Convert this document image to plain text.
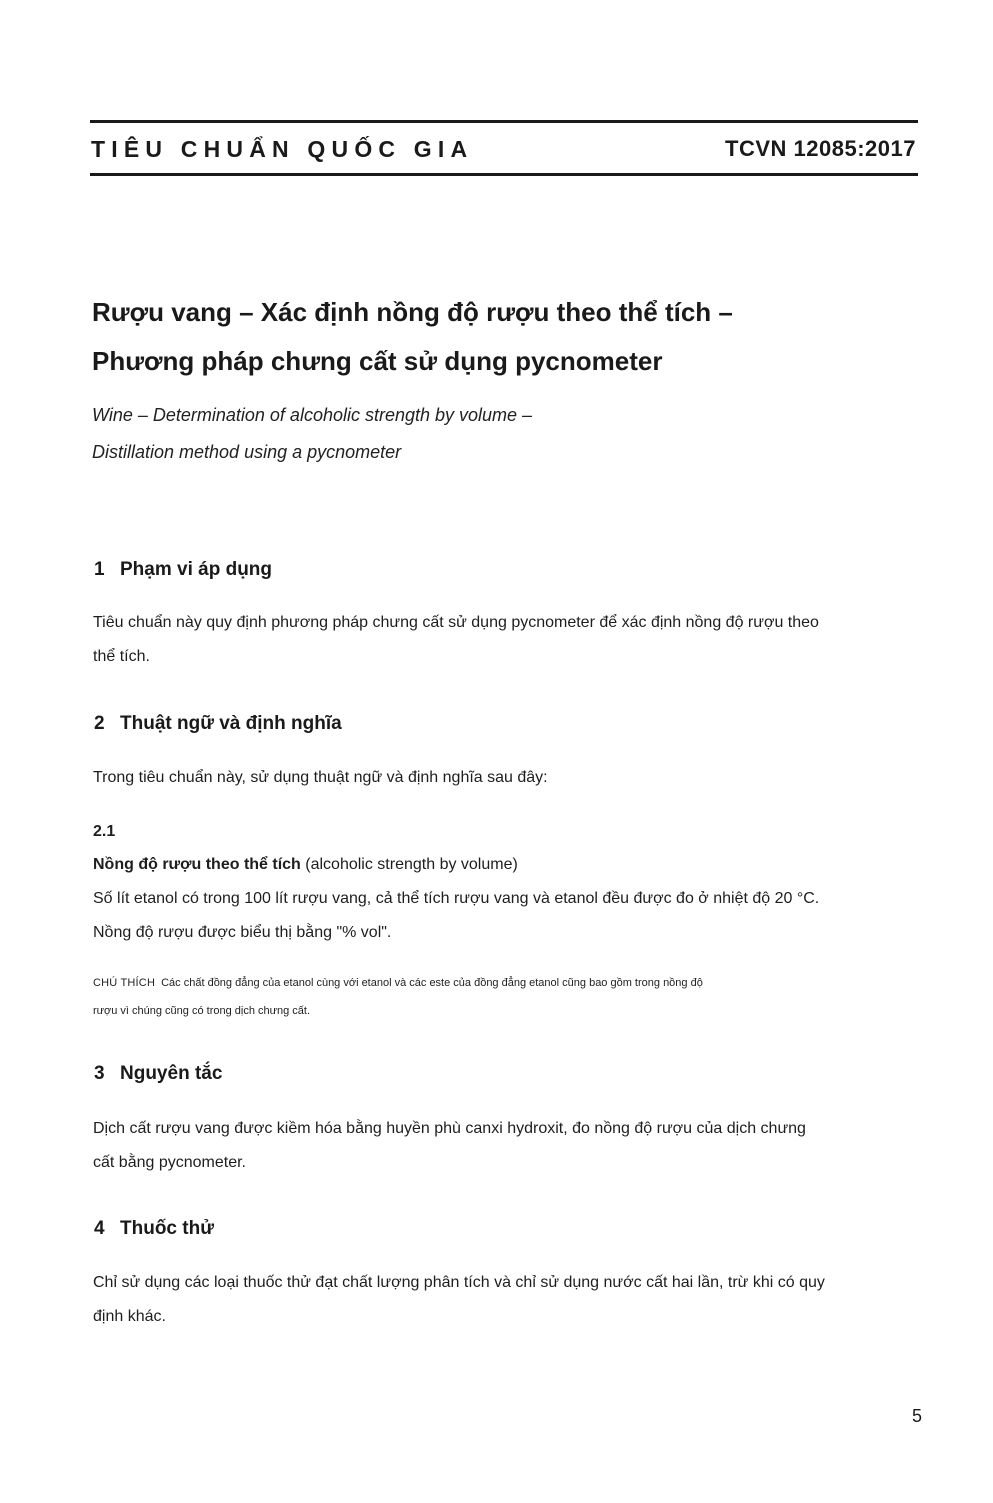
TIÊU CHUẨN QUỐC GIA	TCVN 12085:2017
Rượu vang – Xác định nồng độ rượu theo thể tích –
Phương pháp chưng cất sử dụng pycnometer
Wine – Determination of alcoholic strength by volume –
Distillation method using a pycnometer
1 Phạm vi áp dụng
Tiêu chuẩn này quy định phương pháp chưng cất sử dụng pycnometer để xác định nồng độ rượu theo
thể tích.
2 Thuật ngữ và định nghĩa
Trong tiêu chuẩn này, sử dụng thuật ngữ và định nghĩa sau đây:
2.1
Nồng độ rượu theo thể tích (alcoholic strength by volume)
Số lít etanol có trong 100 lít rượu vang, cả thể tích rượu vang và etanol đều được đo ở nhiệt độ 20 °C.
Nồng độ rượu được biểu thị bằng "% vol".
CHÚ THÍCH Các chất đồng đẳng của etanol cùng với etanol và các este của đồng đẳng etanol cũng bao gồm trong nồng độ
rượu vì chúng cũng có trong dịch chưng cất.
3 Nguyên tắc
Dịch cất rượu vang được kiềm hóa bằng huyền phù canxi hydroxit, đo nồng độ rượu của dịch chưng
cất bằng pycnometer.
4 Thuốc thử
Chỉ sử dụng các loại thuốc thử đạt chất lượng phân tích và chỉ sử dụng nước cất hai lần, trừ khi có quy
định khác.
5
